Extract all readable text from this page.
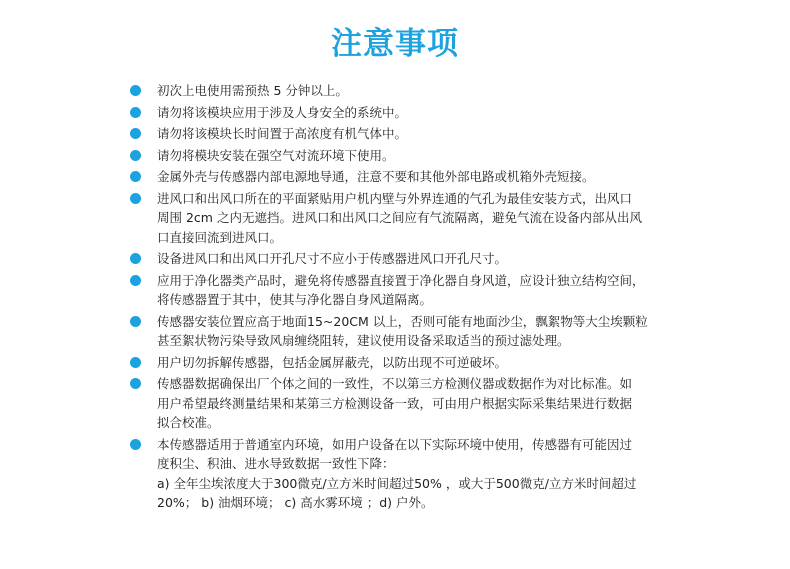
注意事项
初次上电使用需预热 5 分钟以上。
请勿将该模块应用于涉及人身安全的系统中。
请勿将该模块长时间置于高浓度有机气体中。
请勿将模块安装在强空气对流环境下使用。
金属外壳与传感器内部电源地导通，注意不要和其他外部电路或机箱外壳短接。
进风口和出风口所在的平面紧贴用户机内壁与外界连通的气孔为最佳安装方式，出风口
周围 2cm 之内无遮挡。进风口和出风口之间应有气流隔离，避免气流在设备内部从出风
口直接回流到进风口。
设备进风口和出风口开孔尺寸不应小于传感器进风口开孔尺寸。
应用于净化器类产品时，避免将传感器直接置于净化器自身风道，应设计独立结构空间，
将传感器置于其中，使其与净化器自身风道隔离。
传感器安装位置应高于地面15~20CM 以上，否则可能有地面沙尘，飘絮物等大尘埃颗粒
甚至絮状物污染导致风扇缠绕阻转，建议使用设备采取适当的预过滤处理。
用户切勿拆解传感器，包括金属屏蔽壳，以防出现不可逆破坏。
传感器数据确保出厂个体之间的一致性，不以第三方检测仪器或数据作为对比标准。如
用户希望最终测量结果和某第三方检测设备一致，可由用户根据实际采集结果进行数据
拟合校准。
本传感器适用于普通室内环境，如用户设备在以下实际环境中使用，传感器有可能因过
度积尘、积油、进水导致数据一致性下降：
a) 全年尘埃浓度大于300微克/立方米时间超过50% ，或大于500微克/立方米时间超过
20%； b) 油烟环境； c) 高水雾环境 ；d) 户外。
